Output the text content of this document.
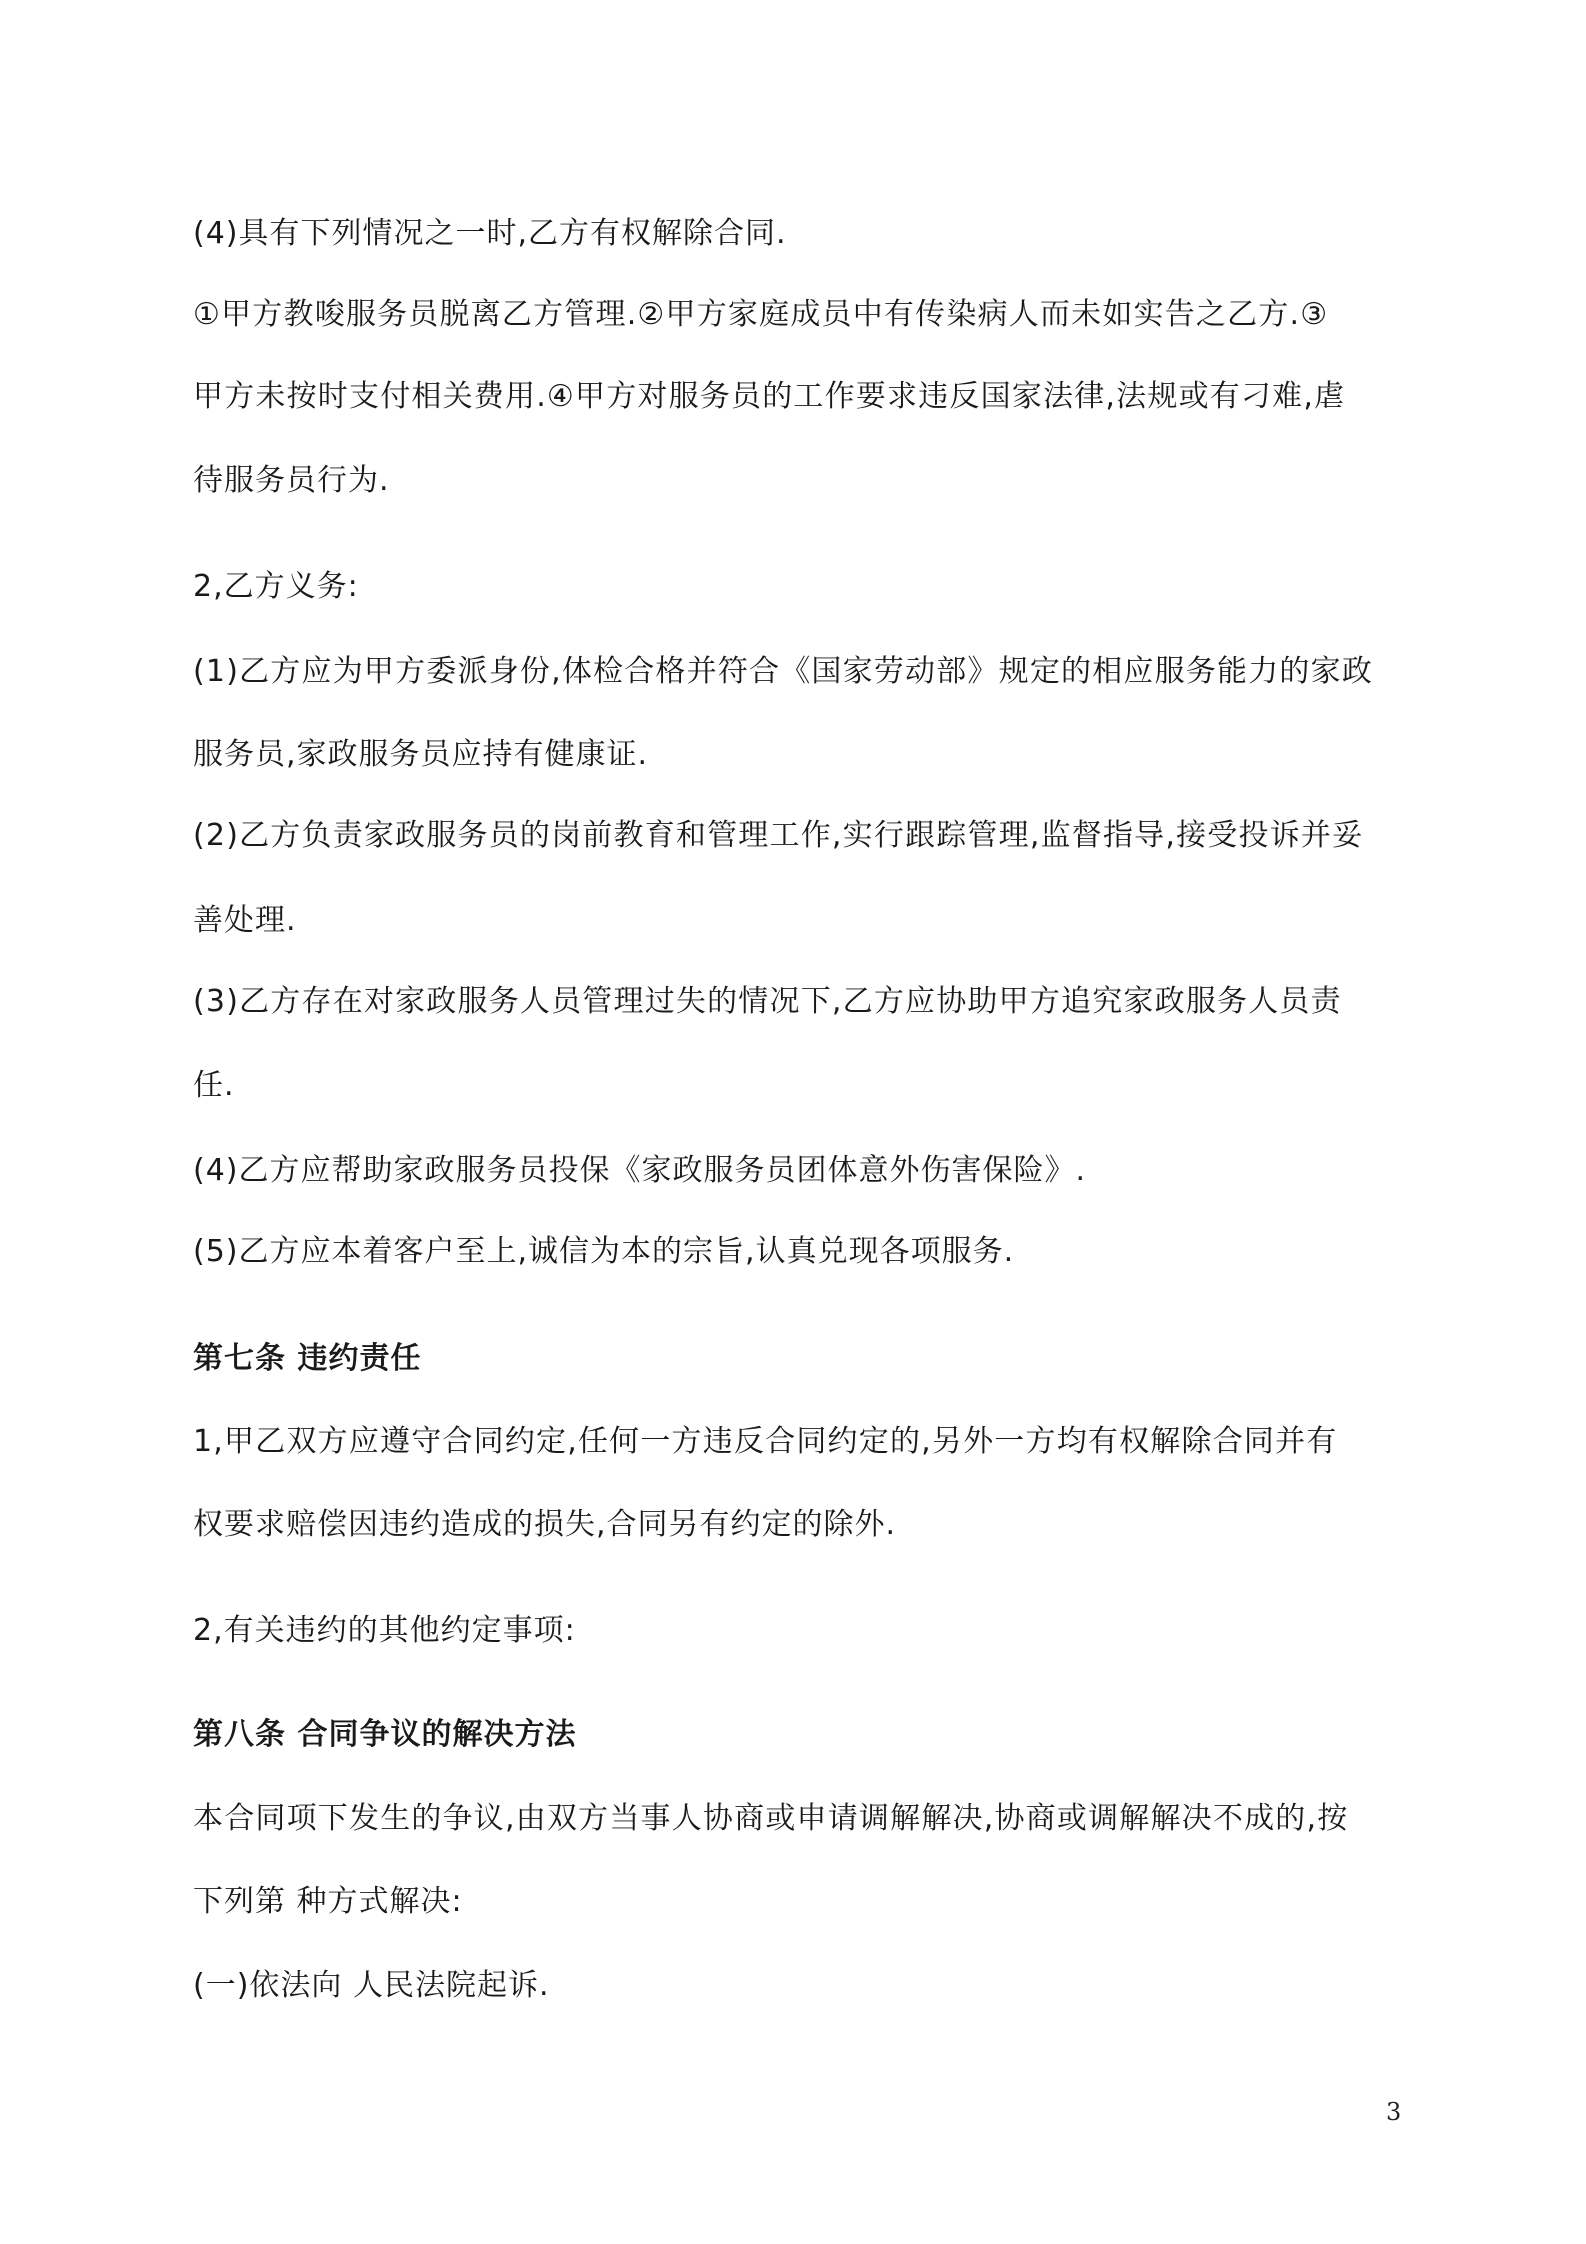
(4)具有下列情况之一时,乙方有权解除合同.

①甲方教唆服务员脱离乙方管理.②甲方家庭成员中有传染病人而未如实告之乙方.③

甲方未按时支付相关费用.④甲方对服务员的工作要求违反国家法律,法规或有刁难,虐

待服务员行为.

2,乙方义务:

(1)乙方应为甲方委派身份,体检合格并符合《国家劳动部》规定的相应服务能力的家政

服务员,家政服务员应持有健康证.

(2)乙方负责家政服务员的岗前教育和管理工作,实行跟踪管理,监督指导,接受投诉并妥

善处理.

(3)乙方存在对家政服务人员管理过失的情况下,乙方应协助甲方追究家政服务人员责

任.

(4)乙方应帮助家政服务员投保《家政服务员团体意外伤害保险》.

(5)乙方应本着客户至上,诚信为本的宗旨,认真兑现各项服务.

第七条 违约责任

1,甲乙双方应遵守合同约定,任何一方违反合同约定的,另外一方均有权解除合同并有

权要求赔偿因违约造成的损失,合同另有约定的除外.

2,有关违约的其他约定事项:

第八条 合同争议的解决方法

本合同项下发生的争议,由双方当事人协商或申请调解解决,协商或调解解决不成的,按

下列第 种方式解决:

(一)依法向 人民法院起诉.

3
